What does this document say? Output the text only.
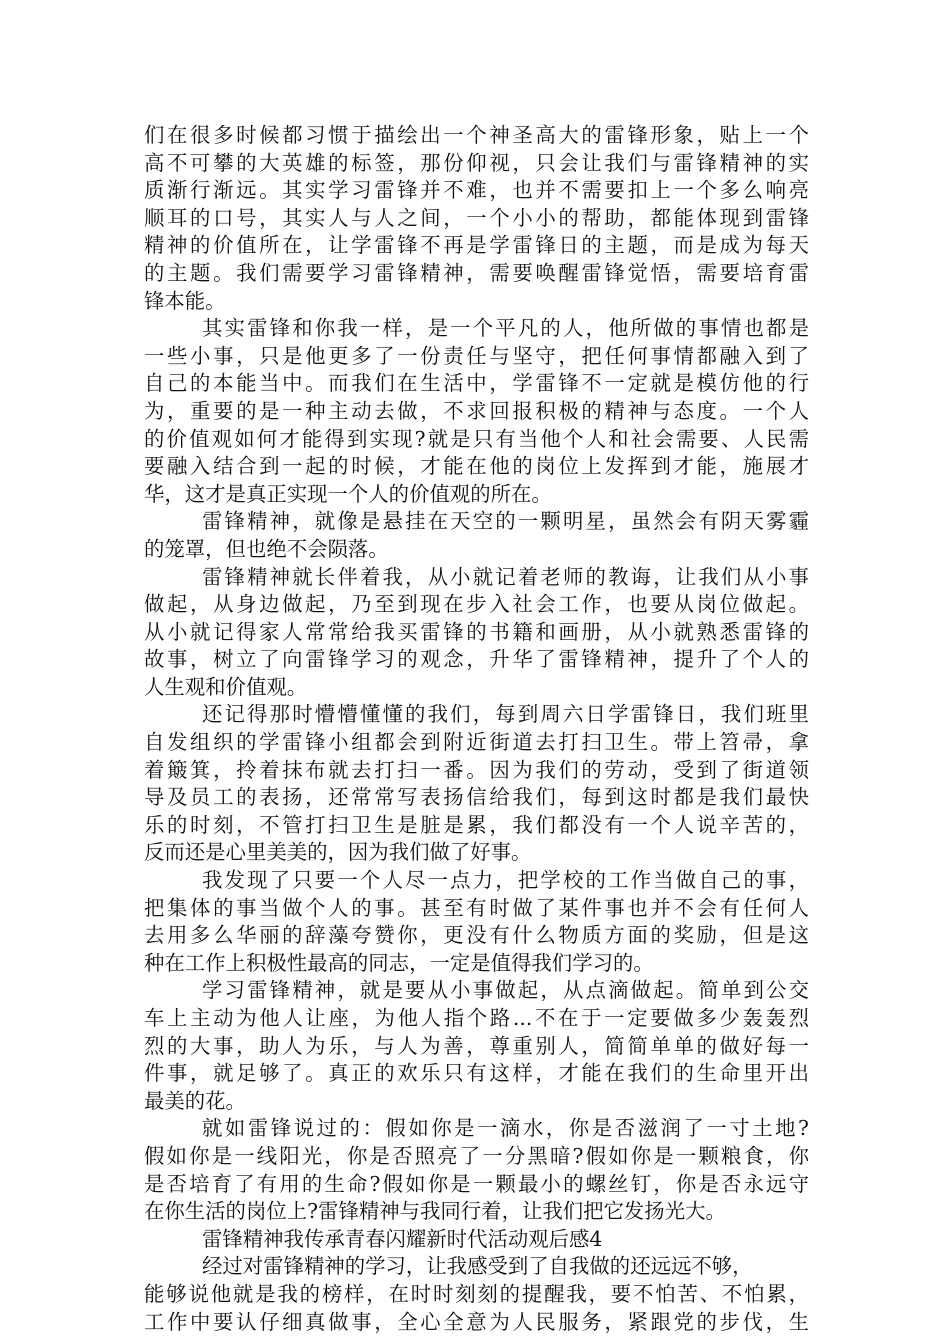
们在很多时候都习惯于描绘出一个神圣高大的雷锋形象，贴上一个
高不可攀的大英雄的标签，那份仰视，只会让我们与雷锋精神的实
质渐行渐远。其实学习雷锋并不难，也并不需要扣上一个多么响亮
顺耳的口号，其实人与人之间，一个小小的帮助，都能体现到雷锋
精神的价值所在，让学雷锋不再是学雷锋日的主题，而是成为每天
的主题。我们需要学习雷锋精神，需要唤醒雷锋觉悟，需要培育雷
锋本能。
其实雷锋和你我一样，是一个平凡的人，他所做的事情也都是
一些小事，只是他更多了一份责任与坚守，把任何事情都融入到了
自己的本能当中。而我们在生活中，学雷锋不一定就是模仿他的行
为，重要的是一种主动去做，不求回报积极的精神与态度。一个人
的价值观如何才能得到实现?就是只有当他个人和社会需要、人民需
要融入结合到一起的时候，才能在他的岗位上发挥到才能，施展才
华，这才是真正实现一个人的价值观的所在。
雷锋精神，就像是悬挂在天空的一颗明星，虽然会有阴天雾霾
的笼罩，但也绝不会陨落。
雷锋精神就长伴着我，从小就记着老师的教诲，让我们从小事
做起，从身边做起，乃至到现在步入社会工作，也要从岗位做起。
从小就记得家人常常给我买雷锋的书籍和画册，从小就熟悉雷锋的
故事，树立了向雷锋学习的观念，升华了雷锋精神，提升了个人的
人生观和价值观。
还记得那时懵懵懂懂的我们，每到周六日学雷锋日，我们班里
自发组织的学雷锋小组都会到附近街道去打扫卫生。带上笤帚，拿
着簸箕，拎着抹布就去打扫一番。因为我们的劳动，受到了街道领
导及员工的表扬，还常常写表扬信给我们，每到这时都是我们最快
乐的时刻，不管打扫卫生是脏是累，我们都没有一个人说辛苦的，
反而还是心里美美的，因为我们做了好事。
我发现了只要一个人尽一点力，把学校的工作当做自己的事，
把集体的事当做个人的事。甚至有时做了某件事也并不会有任何人
去用多么华丽的辞藻夸赞你，更没有什么物质方面的奖励，但是这
种在工作上积极性最高的同志，一定是值得我们学习的。
学习雷锋精神，就是要从小事做起，从点滴做起。简单到公交
车上主动为他人让座，为他人指个路...不在于一定要做多少轰轰烈
烈的大事，助人为乐，与人为善，尊重别人，简简单单的做好每一
件事，就足够了。真正的欢乐只有这样，才能在我们的生命里开出
最美的花。
就如雷锋说过的：假如你是一滴水，你是否滋润了一寸土地?
假如你是一线阳光，你是否照亮了一分黑暗?假如你是一颗粮食，你
是否培育了有用的生命?假如你是一颗最小的螺丝钉，你是否永远守
在你生活的岗位上?雷锋精神与我同行着，让我们把它发扬光大。
雷锋精神我传承青春闪耀新时代活动观后感4
经过对雷锋精神的学习，让我感受到了自我做的还远远不够，
能够说他就是我的榜样，在时时刻刻的提醒我，要不怕苦、不怕累，
工作中要认仔细真做事，全心全意为人民服务，紧跟党的步伐，生
